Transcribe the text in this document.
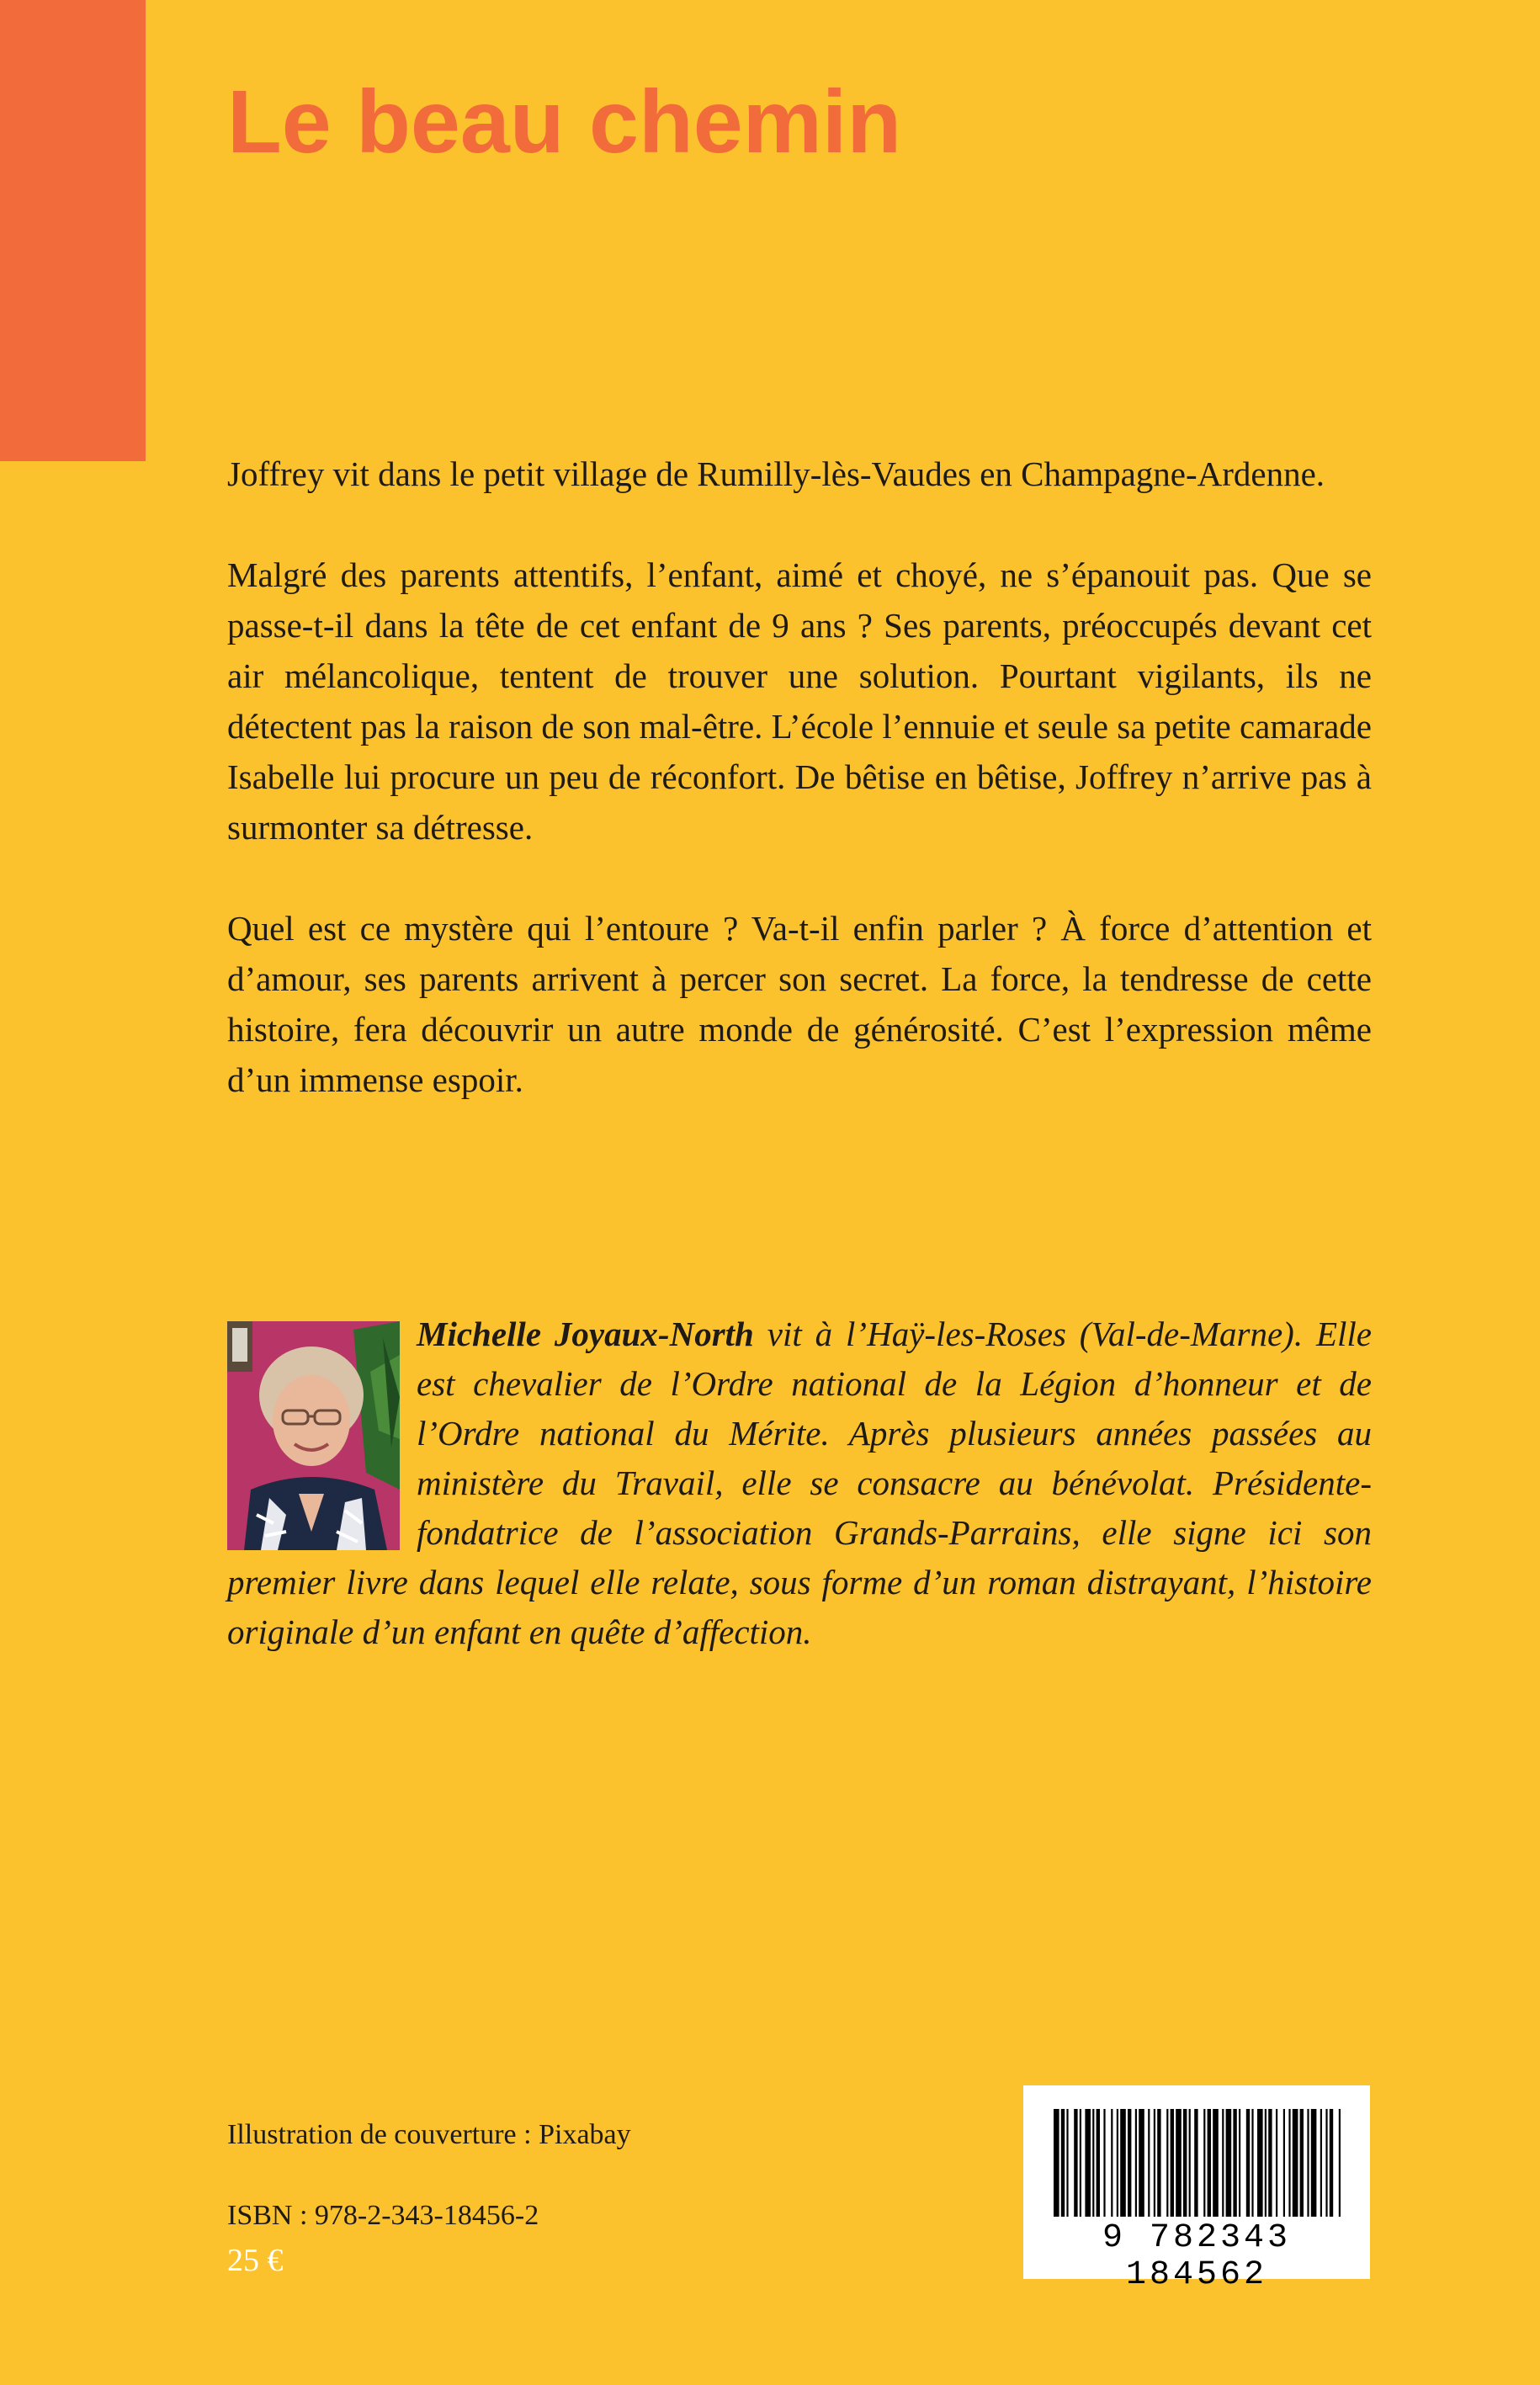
Le beau chemin

Joffrey vit dans le petit village de Rumilly-lès-Vaudes en Champagne-Ardenne.

Malgré des parents attentifs, l’enfant, aimé et choyé, ne s’épanouit pas. Que se passe-t-il dans la tête de cet enfant de 9 ans ? Ses parents, préoccupés devant cet air mélancolique, tentent de trouver une solution. Pourtant vigilants, ils ne détectent pas la raison de son mal-être. L’école l’ennuie et seule sa petite camarade Isabelle lui procure un peu de réconfort. De bêtise en bêtise, Joffrey n’arrive pas à surmonter sa détresse.

Quel est ce mystère qui l’entoure ? Va-t-il enfin parler ? À force d’attention et d’amour, ses parents arrivent à percer son secret. La force, la tendresse de cette histoire, fera découvrir un autre monde de générosité. C’est l’expression même d’un immense espoir.

Michelle Joyaux-North vit à l’Haÿ-les-Roses (Val-de-Marne). Elle est chevalier de l’Ordre national de la Légion d’honneur et de l’Ordre national du Mérite. Après plusieurs années passées au ministère du Travail, elle se consacre au bénévolat. Présidente-fondatrice de l’association Grands-Parrains, elle signe ici son premier livre dans lequel elle relate, sous forme d’un roman distrayant, l’histoire originale d’un enfant en quête d’affection.
Illustration de couverture : Pixabay
ISBN : 978-2-343-18456-2
25 €
9 782343 184562
